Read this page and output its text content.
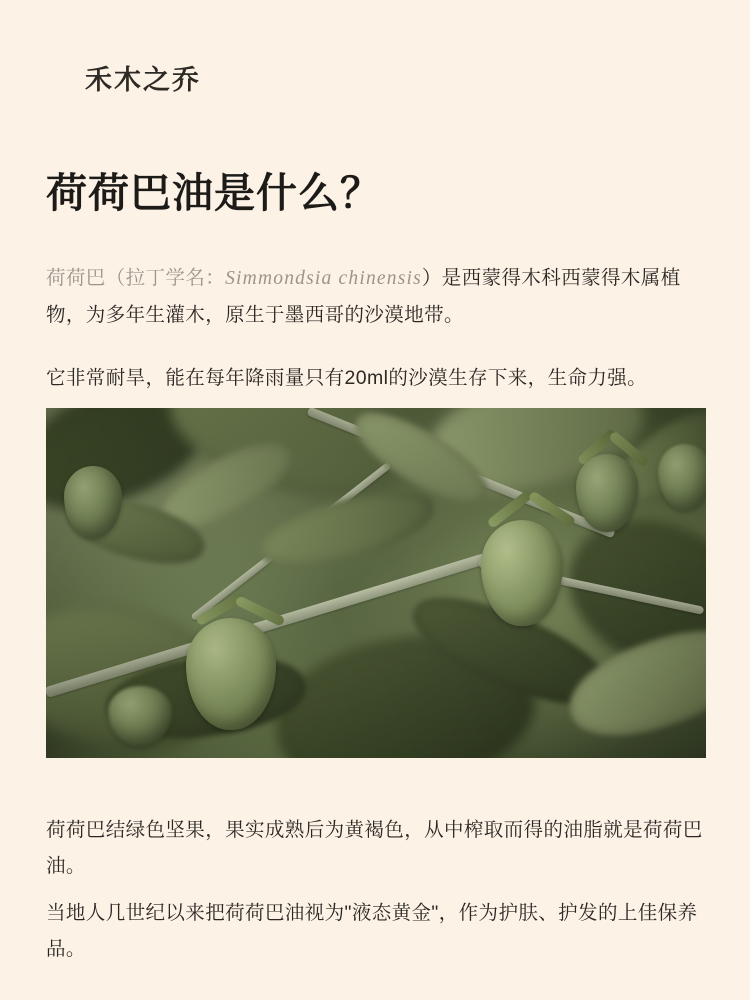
禾木之乔
荷荷巴油是什么？

荷荷巴（拉丁学名：Simmondsia chinensis）是西蒙得木科西蒙得木属植物，为多年生灌木，原生于墨西哥的沙漠地带。

它非常耐旱，能在每年降雨量只有20ml的沙漠生存下来，生命力强。

荷荷巴结绿色坚果，果实成熟后为黄褐色，从中榨取而得的油脂就是荷荷巴油。

当地人几世纪以来把荷荷巴油视为"液态黄金"，作为护肤、护发的上佳保养品。
